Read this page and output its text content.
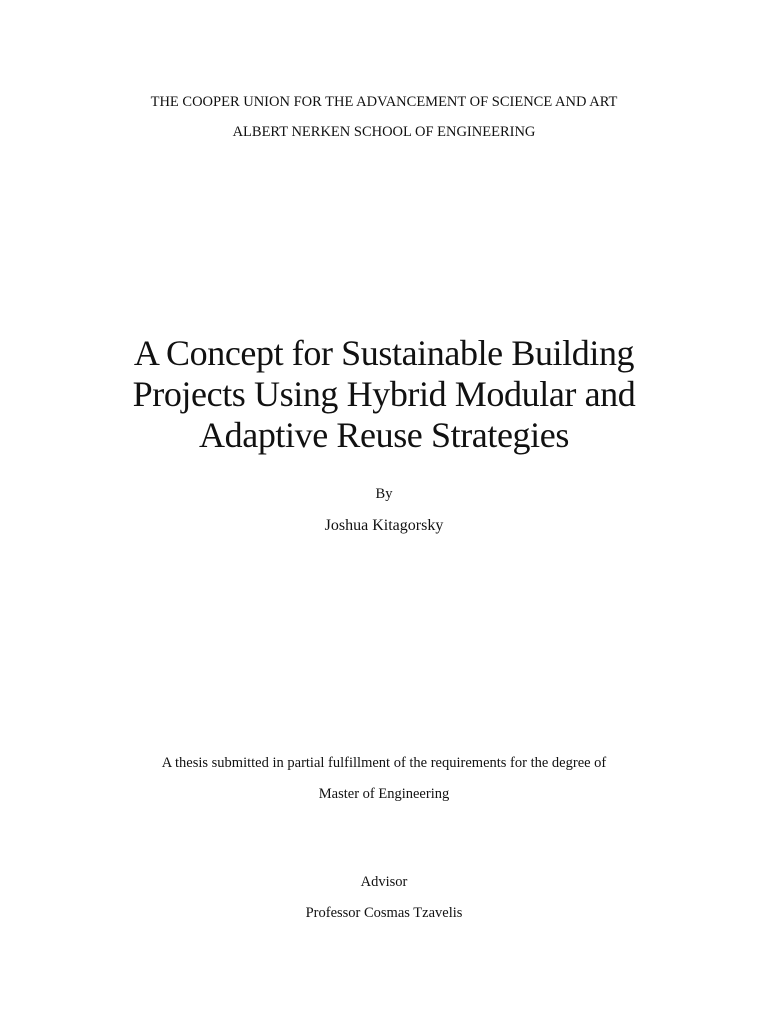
THE COOPER UNION FOR THE ADVANCEMENT OF SCIENCE AND ART
ALBERT NERKEN SCHOOL OF ENGINEERING
A Concept for Sustainable Building
Projects Using Hybrid Modular and
Adaptive Reuse Strategies
By
Joshua Kitagorsky
A thesis submitted in partial fulfillment of the requirements for the degree of
Master of Engineering
Advisor
Professor Cosmas Tzavelis
